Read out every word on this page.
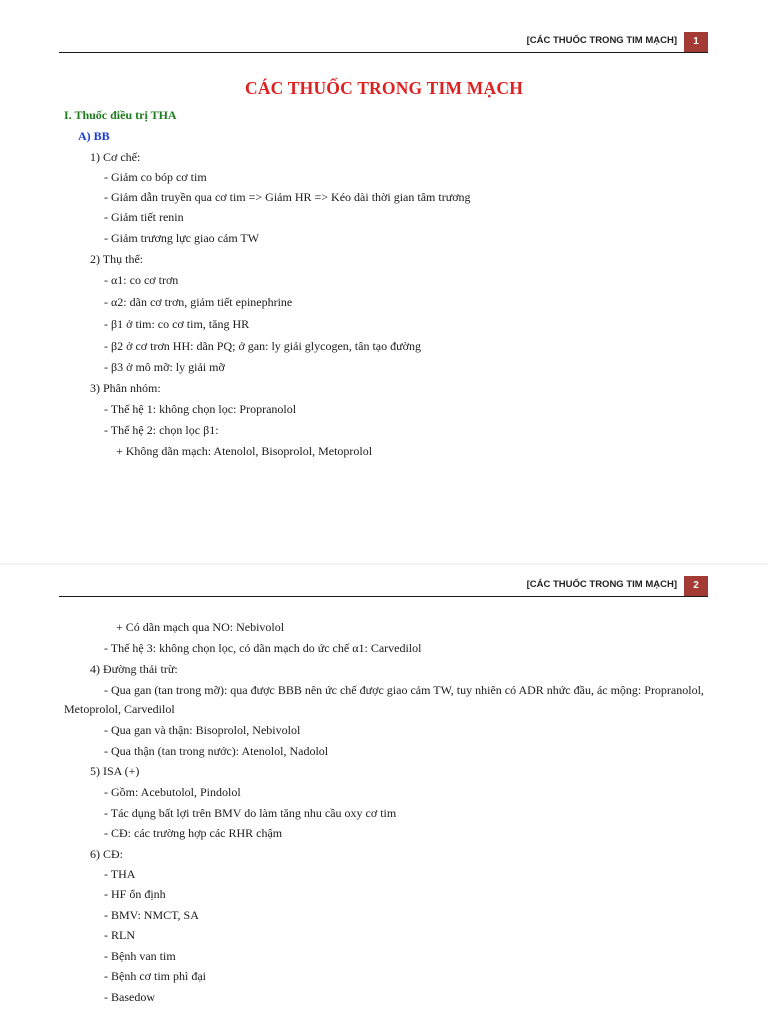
[CÁC THUỐC TRONG TIM MẠCH]	1
CÁC THUỐC TRONG TIM MẠCH
I. Thuốc điều trị THA
A) BB
1) Cơ chế:
- Giảm co bóp cơ tim
- Giảm dẫn truyền qua cơ tim => Giảm HR => Kéo dài thời gian tâm trương
- Giảm tiết renin
- Giảm trương lực giao cảm TW
2) Thụ thể:
- α1: co cơ trơn
- α2: dãn cơ trơn, giảm tiết epinephrine
- β1 ở tim: co cơ tim, tăng HR
- β2 ở cơ trơn HH: dãn PQ; ở gan: ly giải glycogen, tân tạo đường
- β3 ở mô mỡ: ly giải mỡ
3) Phân nhóm:
- Thế hệ 1: không chọn lọc: Propranolol
- Thế hệ 2: chọn lọc β1:
+ Không dãn mạch: Atenolol, Bisoprolol, Metoprolol
[CÁC THUỐC TRONG TIM MẠCH]	2
+ Có dãn mạch qua NO: Nebivolol
- Thế hệ 3: không chọn lọc, có dãn mạch do ức chế α1: Carvedilol
4) Đường thải trừ:
- Qua gan (tan trong mỡ): qua được BBB nên ức chế được giao cảm TW, tuy nhiên có ADR nhức đầu, ác mộng: Propranolol,
Metoprolol, Carvedilol
- Qua gan và thận: Bisoprolol, Nebivolol
- Qua thận (tan trong nước): Atenolol, Nadolol
5) ISA (+)
- Gồm: Acebutolol, Pindolol
- Tác dụng bất lợi trên BMV do làm tăng nhu cầu oxy cơ tim
- CĐ: các trường hợp các RHR chậm
6) CĐ:
- THA
- HF ổn định
- BMV: NMCT, SA
- RLN
- Bệnh van tim
- Bệnh cơ tim phì đại
- Basedow
